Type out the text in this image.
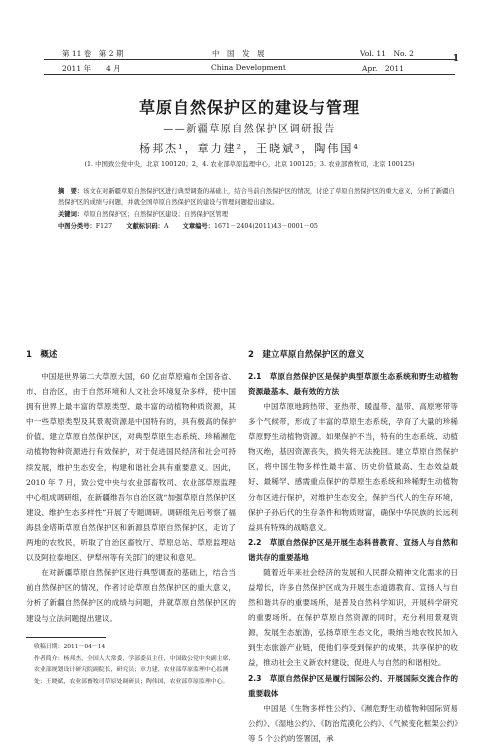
第 11 卷　第 2 期
2011 年　　4 月
中　国　发　展
China Development
Vol. 11　No. 2
Apr.　2011
1
草原自然保护区的建设与管理
——新疆草原自然保护区调研报告
杨邦杰¹，章力建²，王晓斌³，陶伟国⁴
(1. 中国致公党中央，北京 100120；2，4. 农业部草原监理中心，北京 100125；3. 农业部畜牧司，北京 100125)
摘　要：该文在对新疆草原自然保护区进行典型调查的基础上，结合当前自然保护区的情况，讨论了草原自然保护区的重大意义，分析了新疆自然保护区的成绩与问题，并就全国草原自然保护区的建设与管理问题提出建议。
关键词：草原自然保护区；自然保护区建设；自然保护区管理
中图分类号：F127 文献标识码：A 文章编号：1671－2404(2011)43－0001－05
1　概述

中国是世界第二大草原大国，60 亿亩草原遍布全国各省、市、自治区，由于自然环境和人文社会环境复杂多样，使中国拥有世界上最丰富的草原类型、最丰富的动植物种质资源，其中一些草原类型及其景观资源是中国特有的，具有极高的保护价值。建立草原自然保护区，对典型草原生态系统、珍稀濒危动植物物种资源进行有效保护，对于促进国民经济和社会可持续发展，维护生态安全，构建和谐社会具有重要意义。因此，2010 年 7 月，致公党中央与农业部畜牧司、农业部草原监理中心组成调研组，在新疆维吾尔自治区就“加强草原自然保护区建设、维护生态多样性”开展了专题调研。调研组先后考察了福海县金塔斯草原自然保护区和新源县草原自然保护区，走访了两地的农牧民，听取了自治区畜牧厅、草原总站、草原监理站以及阿拉泰地区、伊犁州等有关部门的建议和意见。

在对新疆草原自然保护区进行典型调查的基础上，结合当前自然保护区的情况，作者讨论草原自然保护区的重大意义，分析了新疆自然保护区的成绩与问题，并就草原自然保护区的建设与立法问题提出建议。

2　建立草原自然保护区的意义
2.1　草原自然保护区是保护典型草原生态系统和野生动植物资源最基本、最有效的方法

中国草原地跨热带、亚热带、暖温带、温带、高原寒带等多个气候带，形成了丰富的草原生态系统，孕育了大量的珍稀草原野生动植物资源。如果保护不当，特有的生态系统、动植物灭绝，基因资源丧失，损失将无法挽回。建立草原自然保护区，将中国生物多样性最丰富、历史价值最高、生态效益最好、最稀罕、感需重点保护的草原生态系统和珍稀野生动植物分布区进行保护，对维护生态安全，保护当代人的生存环境，保护子孙后代的生存条件和物质财富，确保中华民族的长远利益具有特殊的战略意义。

2.2　草原自然保护区是开展生态科普教育、宣扬人与自然和谐共存的重要基地

随着近年来社会经济的发展和人民群众精神文化需求的日益增长，许多自然保护区成为开展生态道德教育、宣扬人与自然和谐共存的重要场所，是普及自然科学知识，开展科学研究的重要场所。在保护草原自然资源的同时，充分利用景观资源，发展生态旅游，弘扬草原生态文化，吸纳当地农牧民加入到生态旅游产业链，使他们享受到保护的成果，共享保护的收益，推动社会主义新农村建设，促进人与自然的和谐相处。

2.3　草原自然保护区是履行国际公约、开展国际交流合作的重要载体

中国是《生物多样性公约》、《濒危野生动植物种国际贸易公约》、《湿地公约》、《防治荒漠化公约》、《气候变化框架公约》等 5 个公约的签署国，承

收稿日期：2011－04－14
作者简介：杨邦杰，全国人大常委，学部委员主任，中国致公党中央副主席，农业部规划设计研究院副院长，研究员；章力建，农业部草原监理中心监测处；王晓斌，农业部畜牧司草原处调研员；陶伟国，农业部草原监理中心。
